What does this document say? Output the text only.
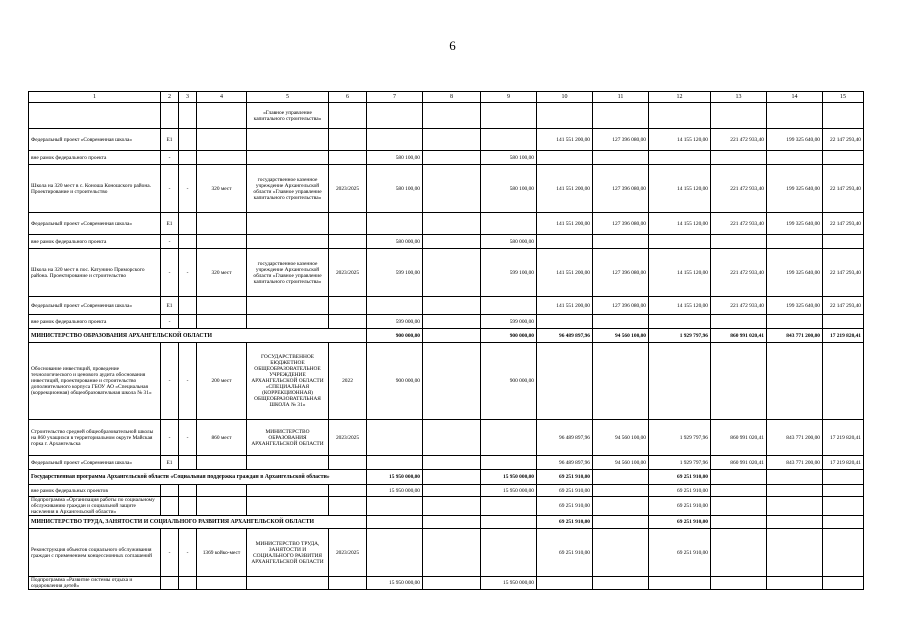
6
1	2	3	4	5	6	7	8	9	10	11	12	13	14	15
				«Главное управление капитального строительства»										
Федеральный проект «Современная школа»	Е1								141 551 200,00	127 396 080,00	14 155 120,00	221 472 933,40	199 325 640,00	22 147 293,40
вне рамок федерального проекта	-					580 100,00		580 100,00						
Школа на 320 мест в с. Коноша Коношского района. Проектирование и строительство	-	-	320 мест	государственное казенное учреждение Архангельской области «Главное управление капитального строительства»	2023/2025	580 100,00		580 100,00	141 551 200,00	127 396 080,00	14 155 120,00	221 472 933,40	199 325 640,00	22 147 293,40
Федеральный проект «Современная школа»	Е1								141 551 200,00	127 396 080,00	14 155 120,00	221 472 933,40	199 325 640,00	22 147 293,40
вне рамок федерального проекта	-					580 000,00		580 000,00						
Школа на 320 мест в пос. Катунино Приморского района. Проектирование и строительство	-	-	320 мест	государственное казенное учреждение Архангельской области «Главное управление капитального строительства»	2023/2025	599 100,00		599 100,00	141 551 200,00	127 396 080,00	14 155 120,00	221 472 933,40	199 325 640,00	22 147 293,40
Федеральный проект «Современная школа»	Е1								141 551 200,00	127 396 080,00	14 155 120,00	221 472 933,40	199 325 640,00	22 147 293,40
вне рамок федерального проекта	-					599 000,00		599 000,00						
МИНИСТЕРСТВО ОБРАЗОВАНИЯ АРХАНГЕЛЬСКОЙ ОБЛАСТИ						900 000,00		900 000,00	96 489 897,96	94 560 100,00	1 929 797,96	860 991 020,41	843 771 200,00	17 219 820,41
Обоснование инвестиций, проведение технологического и ценового аудита обоснования инвестиций, проектирование и строительство дополнительного корпуса ГБОУ АО «Специальная (коррекционная) общеобразовательная школа № 31»	-	-	200 мест	ГОСУДАРСТВЕННОЕ БЮДЖЕТНОЕ ОБЩЕОБРАЗОВАТЕЛЬНОЕ УЧРЕЖДЕНИЕ АРХАНГЕЛЬСКОЙ ОБЛАСТИ «СПЕЦИАЛЬНАЯ (КОРРЕКЦИОННАЯ) ОБЩЕОБРАЗОВАТЕЛЬНАЯ ШКОЛА № 31»	2022	900 000,00		900 000,00						
Строительство средней общеобразовательной школы на 860 учащихся в территориальном округе Майская горка г. Архангельска	-	-	860 мест	МИНИСТЕРСТВО ОБРАЗОВАНИЯ АРХАНГЕЛЬСКОЙ ОБЛАСТИ	2023/2025				96 489 897,96	94 560 100,00	1 929 797,96	860 991 020,41	843 771 200,00	17 219 820,41
Федеральный проект «Современная школа»	Е1								96 489 897,96	94 560 100,00	1 929 797,96	860 991 020,41	843 771 200,00	17 219 820,41
Государственная программа Архангельской области «Социальная поддержка граждан в Архангельской области»						15 950 000,00		15 950 000,00	69 251 910,00		69 251 910,00			
вне рамок федеральных проектов						15 950 000,00		15 950 000,00	69 251 910,00		69 251 910,00			
Подпрограмма «Организация работы по социальному обслуживанию граждан и социальной защите населения в Архангельской области»									69 251 910,00		69 251 910,00			
МИНИСТЕРСТВО ТРУДА, ЗАНЯТОСТИ И СОЦИАЛЬНОГО РАЗВИТИЯ АРХАНГЕЛЬСКОЙ ОБЛАСТИ									69 251 910,00		69 251 910,00			
Реконструкция объектов социального обслуживания граждан с применением концессионных соглашений	-	-	1369 койко-мест	МИНИСТЕРСТВО ТРУДА, ЗАНЯТОСТИ И СОЦИАЛЬНОГО РАЗВИТИЯ АРХАНГЕЛЬСКОЙ ОБЛАСТИ	2023/2025				69 251 910,00		69 251 910,00			
Подпрограмма «Развитие системы отдыха и оздоровления детей»						15 950 000,00		15 950 000,00						
